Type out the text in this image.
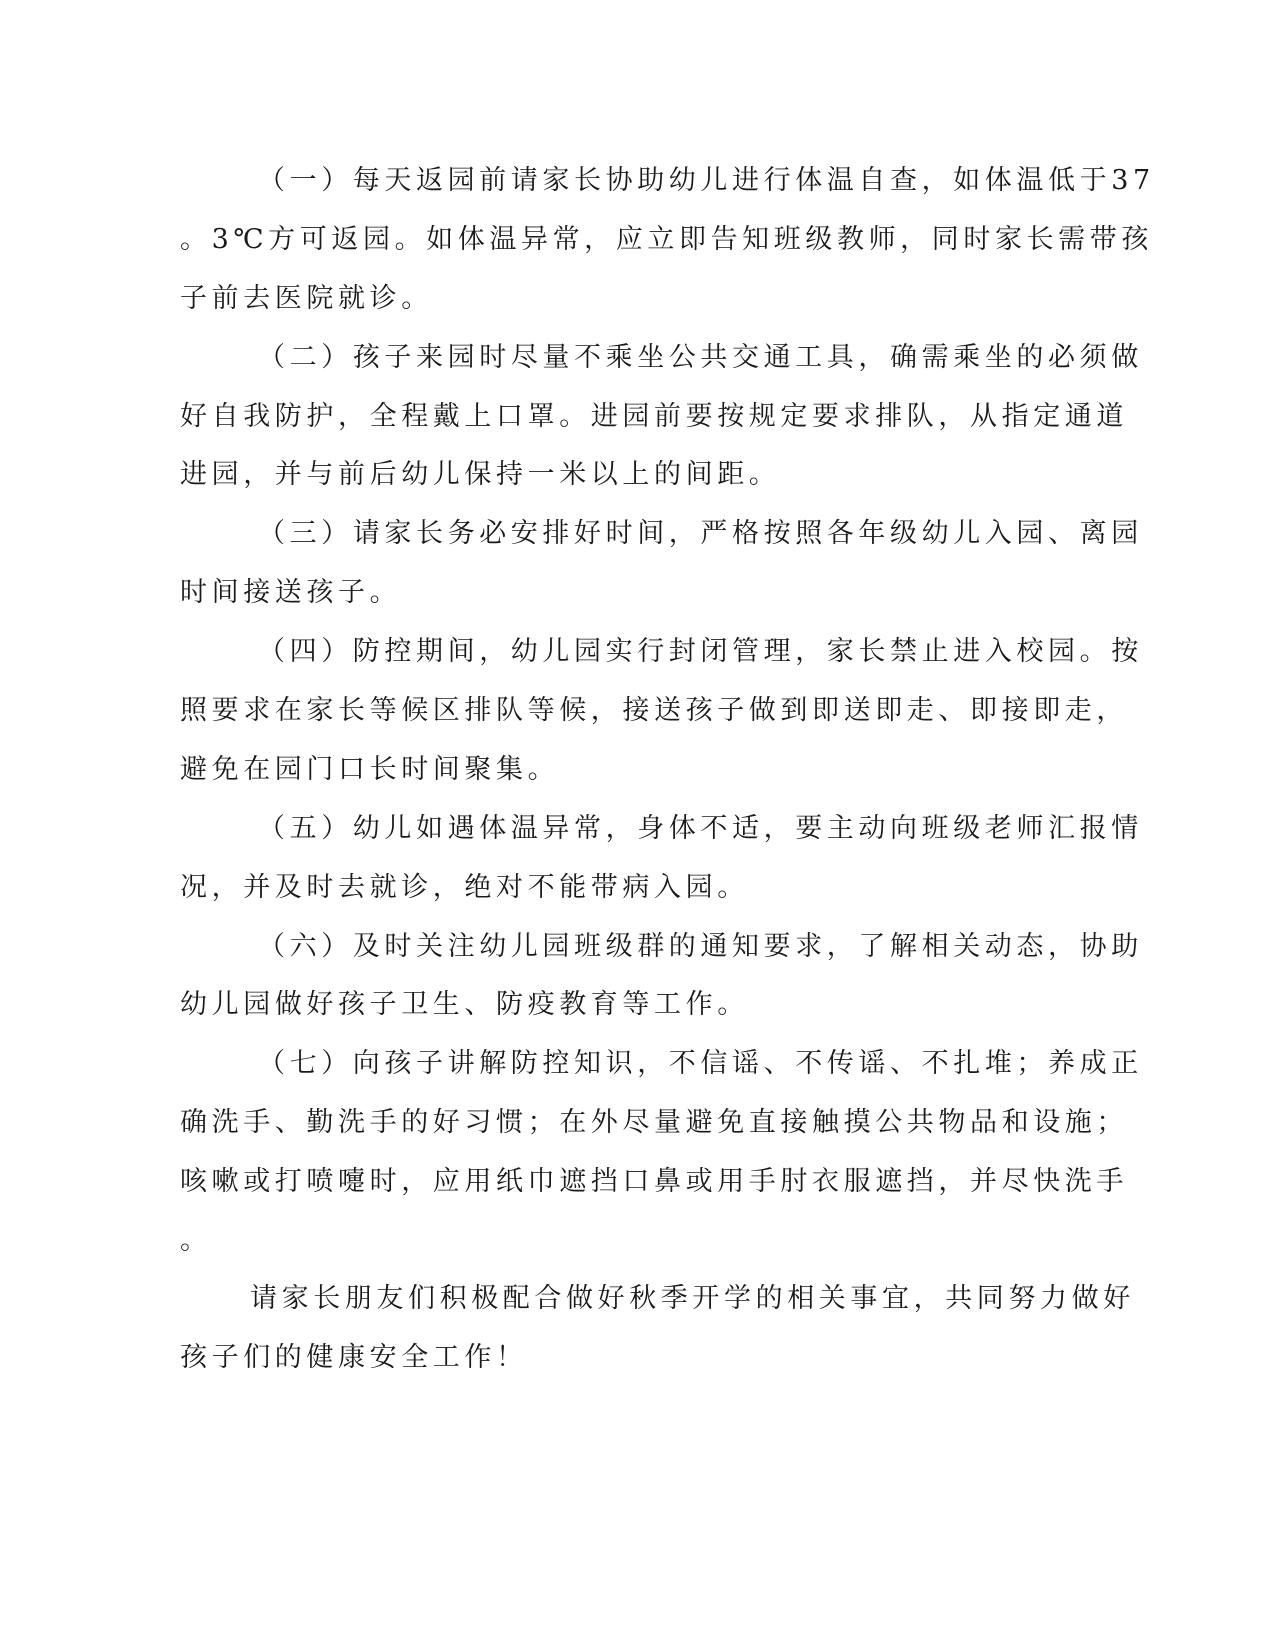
（一）每天返园前请家长协助幼儿进行体温自查，如体温低于37
。3℃方可返园。如体温异常，应立即告知班级教师，同时家长需带孩
子前去医院就诊。
（二）孩子来园时尽量不乘坐公共交通工具，确需乘坐的必须做
好自我防护，全程戴上口罩。进园前要按规定要求排队，从指定通道
进园，并与前后幼儿保持一米以上的间距。
（三）请家长务必安排好时间，严格按照各年级幼儿入园、离园
时间接送孩子。
（四）防控期间，幼儿园实行封闭管理，家长禁止进入校园。按
照要求在家长等候区排队等候，接送孩子做到即送即走、即接即走，
避免在园门口长时间聚集。
（五）幼儿如遇体温异常，身体不适，要主动向班级老师汇报情
况，并及时去就诊，绝对不能带病入园。
（六）及时关注幼儿园班级群的通知要求，了解相关动态，协助
幼儿园做好孩子卫生、防疫教育等工作。
（七）向孩子讲解防控知识，不信谣、不传谣、不扎堆；养成正
确洗手、勤洗手的好习惯；在外尽量避免直接触摸公共物品和设施；
咳嗽或打喷嚏时，应用纸巾遮挡口鼻或用手肘衣服遮挡，并尽快洗手
。
请家长朋友们积极配合做好秋季开学的相关事宜，共同努力做好
孩子们的健康安全工作！
